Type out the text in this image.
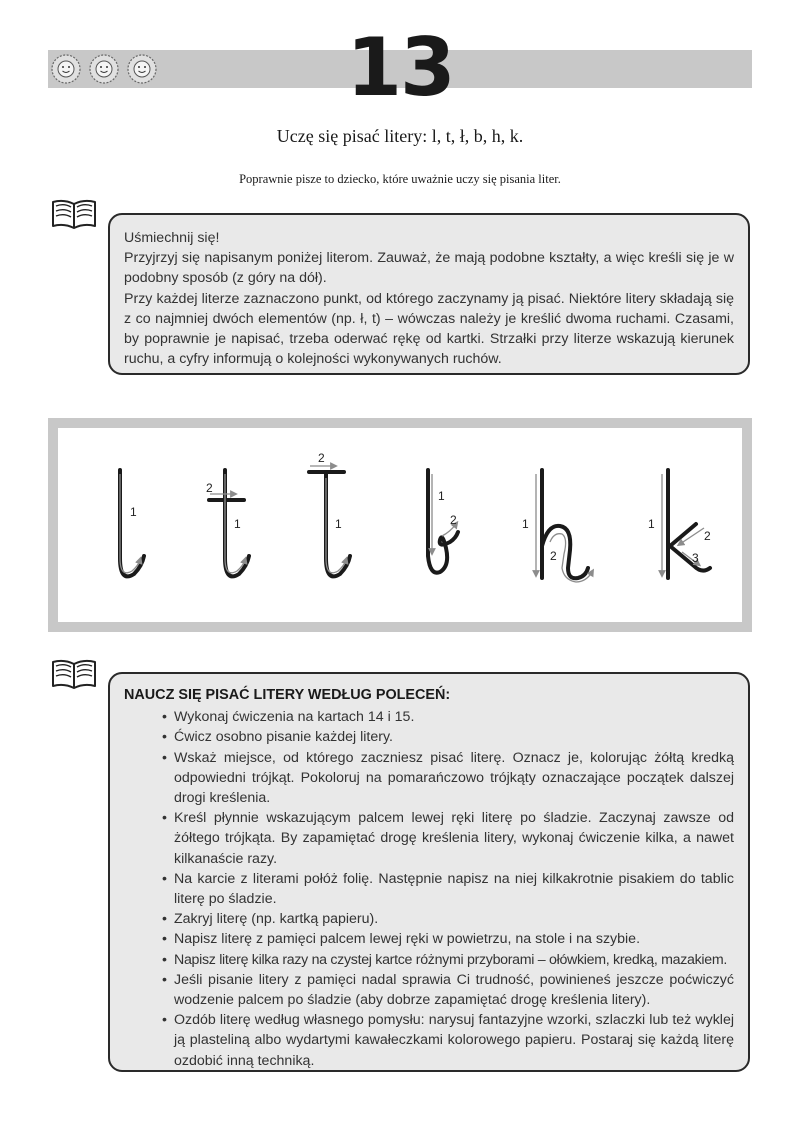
13
Uczę się pisać litery: l, t, ł, b, h, k.
Poprawnie pisze to dziecko, które uważnie uczy się pisania liter.

Uśmiechnij się!

Przyjrzyj się napisanym poniżej literom. Zauważ, że mają podobne kształty, a więc kreśli się je w podobny sposób (z góry na dół).

Przy każdej literze zaznaczono punkt, od którego zaczynamy ją pisać. Niektóre litery składają się z co najmniej dwóch elementów (np. ł, t) – wówczas należy je kreślić dwoma ruchami. Czasami, by poprawnie je napisać, trzeba oderwać rękę od kartki. Strzałki przy literze wskazują kierunek ruchu, a cyfry informują o kolejności wykonywanych ruchów.

1
2
1
2
1
1
2	1
2
1
2
3

NAUCZ SIĘ PISAĆ LITERY WEDŁUG POLECEŃ:

• Wykonaj ćwiczenia na kartach 14 i 15.
• Ćwicz osobno pisanie każdej litery.
• Wskaż miejsce, od którego zaczniesz pisać literę. Oznacz je, kolorując żółtą kredką odpowiedni trójkąt. Pokoloruj na pomarańczowo trójkąty oznaczające początek dalszej drogi kreślenia.
• Kreśl płynnie wskazującym palcem lewej ręki literę po śladzie. Zaczynaj zawsze od żółtego trójkąta. By zapamiętać drogę kreślenia litery, wykonaj ćwiczenie kilka, a nawet kilkanaście razy.
• Na karcie z literami połóż folię. Następnie napisz na niej kilkakrotnie pisakiem do tablic literę po śladzie.
• Zakryj literę (np. kartką papieru).
• Napisz literę z pamięci palcem lewej ręki w powietrzu, na stole i na szybie.
• Napisz literę kilka razy na czystej kartce różnymi przyborami – ołówkiem, kredką, mazakiem.
• Jeśli pisanie litery z pamięci nadal sprawia Ci trudność, powinieneś jeszcze poćwiczyć wodzenie palcem po śladzie (aby dobrze zapamiętać drogę kreślenia litery).
• Ozdób literę według własnego pomysłu: narysuj fantazyjne wzorki, szlaczki lub też wyklej ją plasteliną albo wydartymi kawałeczkami kolorowego papieru. Postaraj się każdą literę ozdobić inną techniką.
